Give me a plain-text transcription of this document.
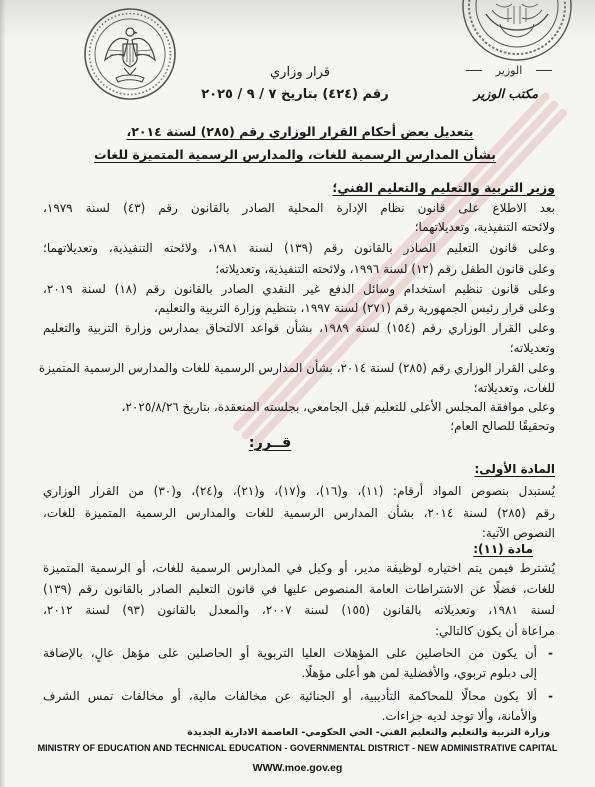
الوزير
مكتب الوزير
قرار وزاري
رقم (٤٢٤) بتاريخ ٧ / ٩ / ٢٠٢٥
بتعديل بعض أحكام القرار الوزاري رقم (٢٨٥) لسنة ٢٠١٤،
بشأن المدارس الرسمية للغات، والمدارس الرسمية المتميزة للغات
وزير التربية والتعليم والتعليم الفني؛
بعد الاطلاع على قانون نظام الإدارة المحلية الصادر بالقانون رقم (٤٣) لسنة ١٩٧٩،
ولائحته التنفيذية، وتعديلاتهما؛
وعلى قانون التعليم الصادر بالقانون رقم (١٣٩) لسنة ١٩٨١، ولائحته التنفيذية، وتعديلاتهما؛
وعلى قانون الطفل رقم (١٢) لسنة ١٩٩٦، ولائحته التنفيذية، وتعديلاته؛
وعلى قانون تنظيم استخدام وسائل الدفع غير النقدي الصادر بالقانون رقم (١٨) لسنة ٢٠١٩،
وعلى قرار رئيس الجمهورية رقم (٢٧١) لسنة ١٩٩٧، بتنظيم وزارة التربية والتعليم،
وعلى القرار الوزاري رقم (١٥٤) لسنة ١٩٨٩، بشأن قواعد الالتحاق بمدارس وزارة التربية والتعليم
وتعديلاته؛
وعلى القرار الوزاري رقم (٢٨٥) لسنة ٢٠١٤، بشأن المدارس الرسمية للغات والمدارس الرسمية المتميزة
للغات، وتعديلاته؛
وعلى موافقة المجلس الأعلى للتعليم قبل الجامعي، بجلسته المنعقدة، بتاريخ ٢٠٢٥/٨/٢٦،
وتحقيقًا للصالح العام؛
قــرر:
المادة الأولى:
يُستبدل بنصوص المواد أرقام: (١١)، و(١٦)، و(١٧)، و(٢١)، و(٢٤)، و(٣٠) من القرار الوزاري
رقم (٢٨٥) لسنة ٢٠١٤، بشأن المدارس الرسمية للغات والمدارس الرسمية المتميزة للغات،
النصوص الآتية:
مادة (١١):
يُشترط فيمن يتم اختياره لوظيفة مدير، أو وكيل في المدارس الرسمية للغات، أو الرسمية المتميزة
للغات، فضلًا عن الاشتراطات العامة المنصوص عليها في قانون التعليم الصادر بالقانون رقم (١٣٩)
لسنة ١٩٨١، وتعديلاته بالقانون (١٥٥) لسنة ٢٠٠٧، والمعدل بالقانون (٩٣) لسنة ٢٠١٢،
مراعاة أن يكون كالتالي:
-
أن يكون من الحاصلين على المؤهلات العليا التربوية أو الحاصلين على مؤهل عالٍ، بالإضافة
إلى دبلوم تربوي، والأفضلية لمن هو أعلى مؤهلًا.
-
ألا يكون محالًا للمحاكمة التأديبية، أو الجنائية عن مخالفات مالية، أو مخالفات تمس الشرف
والأمانة، وألا توجد لديه جزاءات.
وزارة التربية والتعليم والتعليم الفني- الحي الحكومي- العاصمة الادارية الجديدة
MINISTRY OF EDUCATION AND TECHNICAL EDUCATION - GOVERNMENTAL DISTRICT - NEW ADMINISTRATIVE CAPITAL
WWW.moe.gov.eg
